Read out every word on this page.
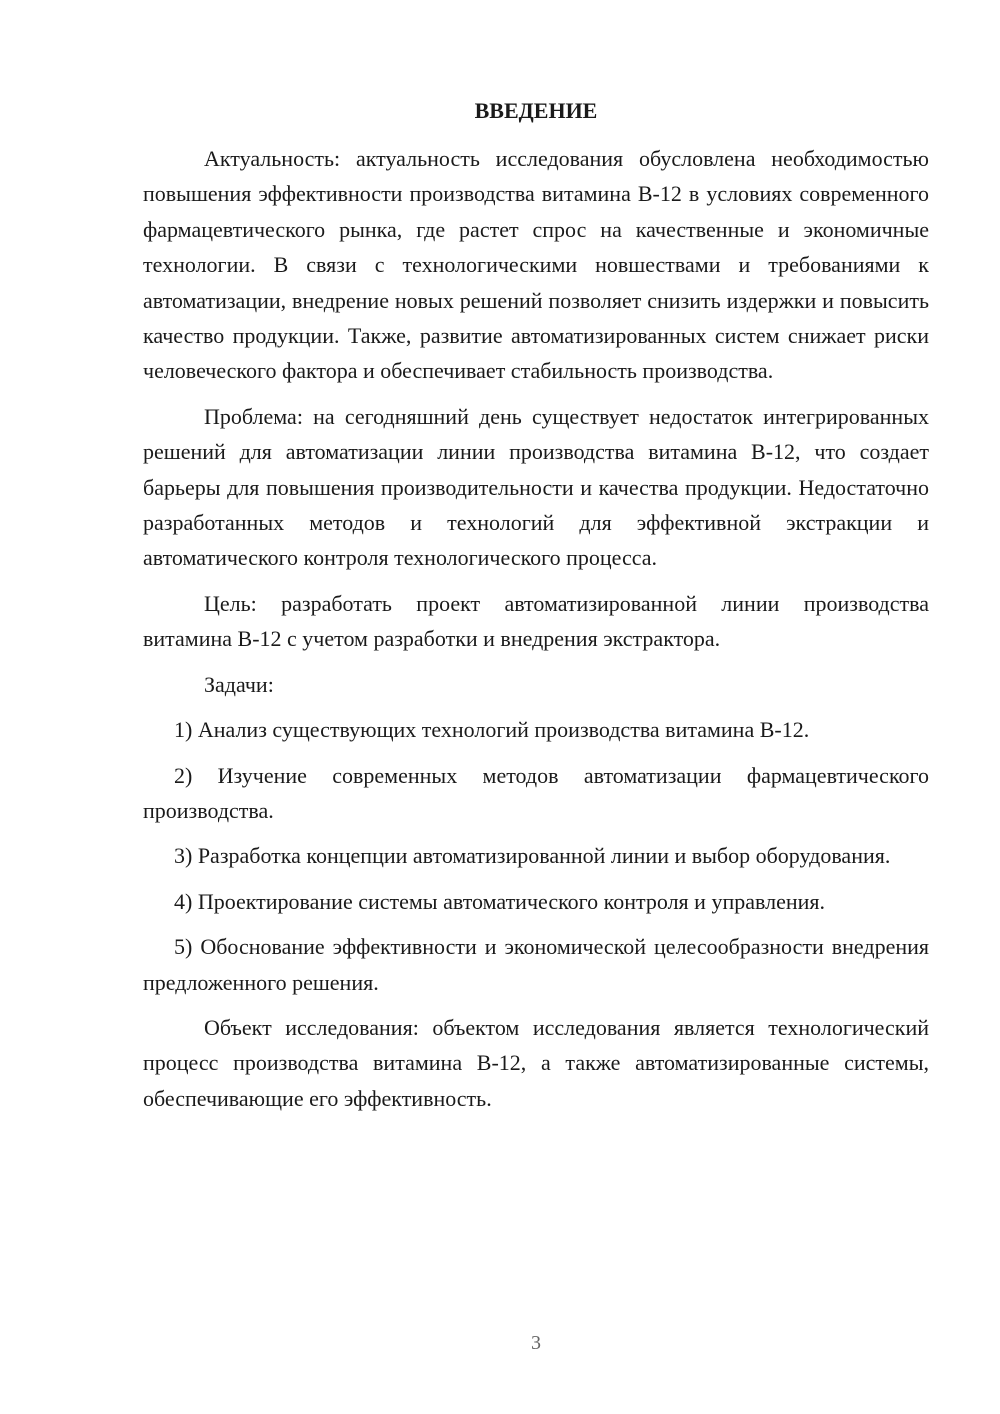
ВВЕДЕНИЕ

Актуальность: актуальность исследования обусловлена необходимостью повышения эффективности производства витамина В-12 в условиях современного фармацевтического рынка, где растет спрос на качественные и экономичные технологии. В связи с технологическими новшествами и требованиями к автоматизации, внедрение новых решений позволяет снизить издержки и повысить качество продукции. Также, развитие автоматизированных систем снижает риски человеческого фактора и обеспечивает стабильность производства.

Проблема: на сегодняшний день существует недостаток интегрированных решений для автоматизации линии производства витамина В-12, что создает барьеры для повышения производительности и качества продукции. Недостаточно разработанных методов и технологий для эффективной экстракции и автоматического контроля технологического процесса.

Цель: разработать проект автоматизированной линии производства витамина В-12 с учетом разработки и внедрения экстрактора.

Задачи:

1) Анализ существующих технологий производства витамина В-12.

2) Изучение современных методов автоматизации фармацевтического производства.

3) Разработка концепции автоматизированной линии и выбор оборудования.

4) Проектирование системы автоматического контроля и управления.

5) Обоснование эффективности и экономической целесообразности внедрения предложенного решения.

Объект исследования: объектом исследования является технологический процесс производства витамина В-12, а также автоматизированные системы, обеспечивающие его эффективность.

3
